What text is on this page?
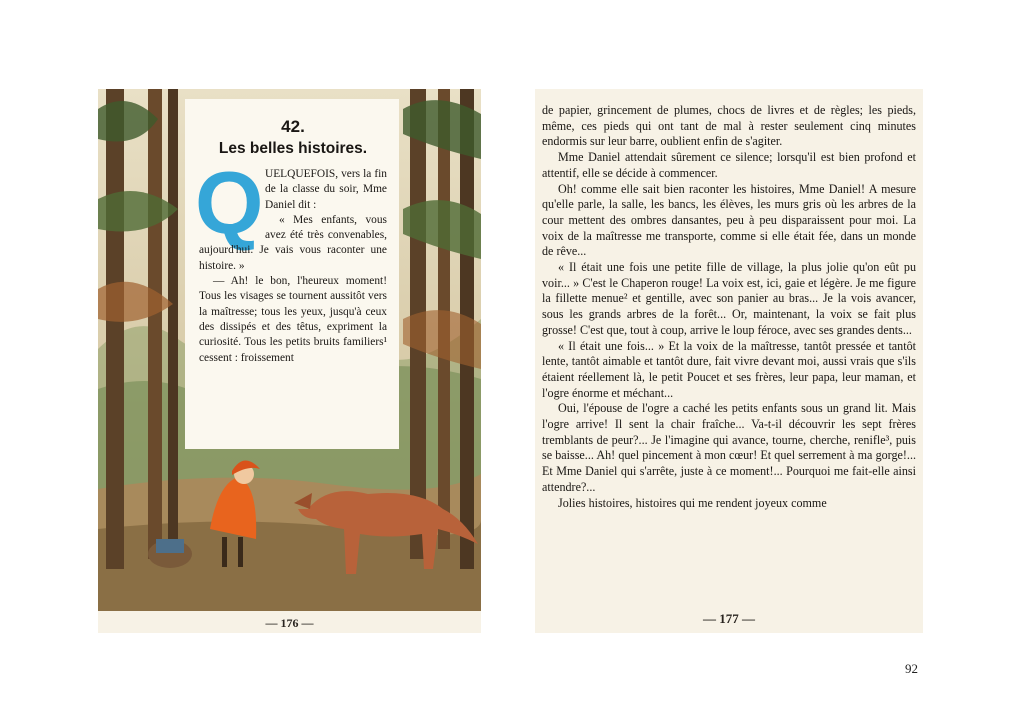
42.
Les belles histoires.
Q UELQUEFOIS, vers la fin de la classe du soir, Mme Daniel dit :

« Mes enfants, vous avez été très convenables, aujourd'hui. Je vais vous raconter une histoire. »

— Ah! le bon, l'heureux moment! Tous les visages se tournent aussitôt vers la maîtresse; tous les yeux, jusqu'à ceux des dissipés et des têtus, expriment la curiosité. Tous les petits bruits familiers¹ cessent : froissement

— 176 —

de papier, grincement de plumes, chocs de livres et de règles; les pieds, même, ces pieds qui ont tant de mal à rester seulement cinq minutes endormis sur leur barre, oublient enfin de s'agiter.

Mme Daniel attendait sûrement ce silence; lorsqu'il est bien profond et attentif, elle se décide à commencer.

Oh! comme elle sait bien raconter les histoires, Mme Daniel! A mesure qu'elle parle, la salle, les bancs, les élèves, les murs gris où les arbres de la cour mettent des ombres dansantes, peu à peu disparaissent pour moi. La voix de la maîtresse me transporte, comme si elle était fée, dans un monde de rêve...

« Il était une fois une petite fille de village, la plus jolie qu'on eût pu voir... » C'est le Chaperon rouge! La voix est, ici, gaie et légère. Je me figure la fillette menue² et gentille, avec son panier au bras... Je la vois avancer, sous les grands arbres de la forêt... Or, maintenant, la voix se fait plus grosse! C'est que, tout à coup, arrive le loup féroce, avec ses grandes dents...

« Il était une fois... » Et la voix de la maîtresse, tantôt pressée et tantôt lente, tantôt aimable et tantôt dure, fait vivre devant moi, aussi vrais que s'ils étaient réellement là, le petit Poucet et ses frères, leur papa, leur maman, et l'ogre énorme et méchant...

Oui, l'épouse de l'ogre a caché les petits enfants sous un grand lit. Mais l'ogre arrive! Il sent la chair fraîche... Va-t-il découvrir les sept frères tremblants de peur?... Je l'imagine qui avance, tourne, cherche, renifle³, puis se baisse... Ah! quel pincement à mon cœur! Et quel serrement à ma gorge!... Et Mme Daniel qui s'arrête, juste à ce moment!... Pourquoi me fait-elle ainsi attendre?...

Jolies histoires, histoires qui me rendent joyeux comme

— 177 —
92
